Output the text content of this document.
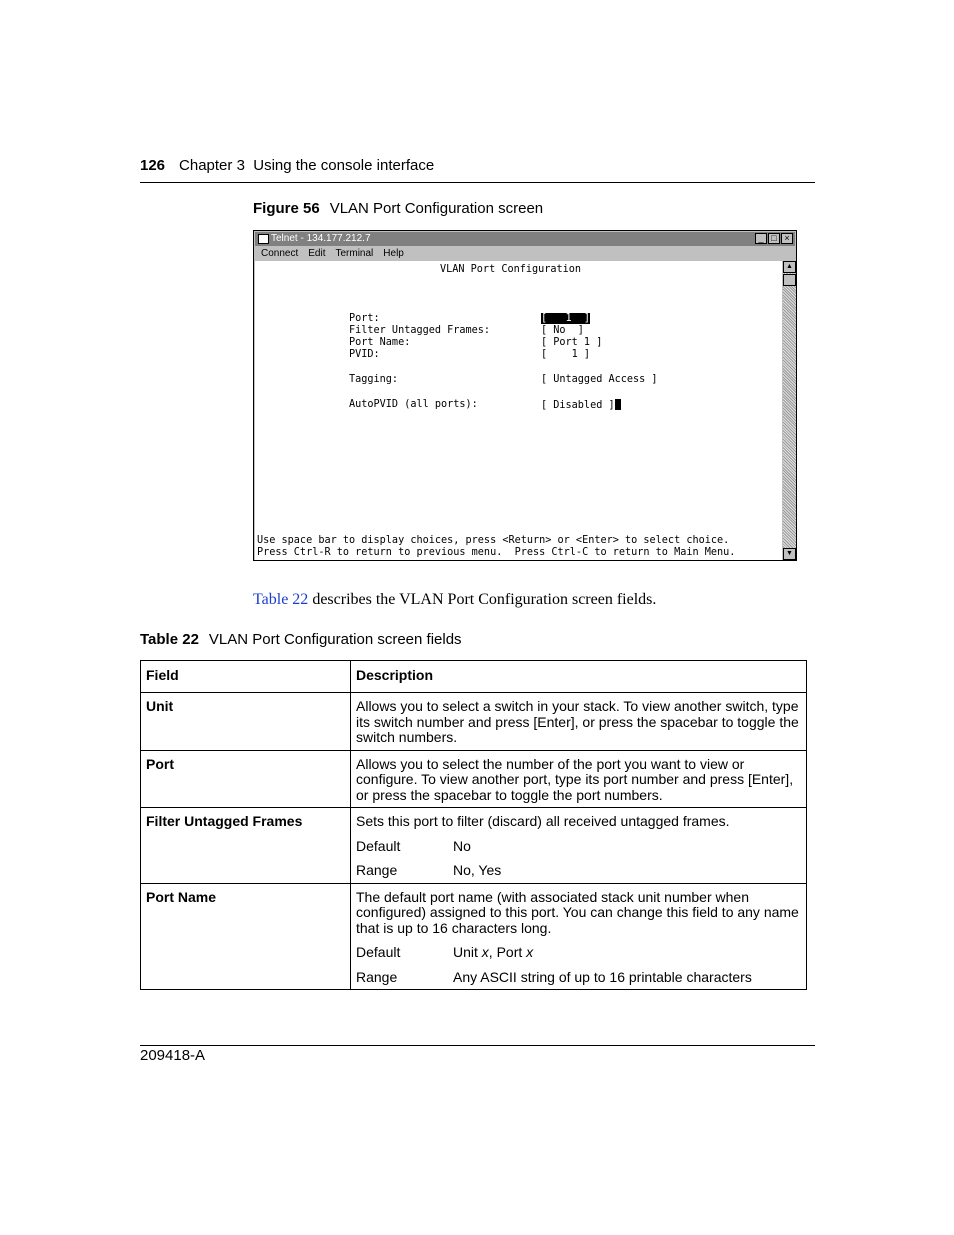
126 Chapter 3  Using the console interface
Figure 56 VLAN Port Configuration screen
Telnet - 134.177.212.7	_ □ ×
Connect Edit Terminal Help
VLAN Port Configuration
Port:	[   1  ]
Filter Untagged Frames:	[ No  ]
Port Name:	[ Port 1 ]
PVID:	[    1 ]
Tagging:	[ Untagged Access ]
AutoPVID (all ports):	[ Disabled ]
Use space bar to display choices, press <Return> or <Enter> to select choice.
Press Ctrl-R to return to previous menu.  Press Ctrl-C to return to Main Menu.
▲
▼
Table 22 describes the VLAN Port Configuration screen fields.
Table 22 VLAN Port Configuration screen fields
Field	Description
Unit	Allows you to select a switch in your stack. To view another switch, type its switch number and press [Enter], or press the spacebar to toggle the switch numbers.
Port	Allows you to select the number of the port you want to view or configure. To view another port, type its port number and press [Enter], or press the spacebar to toggle the port numbers.
Filter Untagged Frames	Sets this port to filter (discard) all received untagged frames.
Default No
Range No, Yes

Port Name	The default port name (with associated stack unit number when configured) assigned to this port. You can change this field to any name that is up to 16 characters long.
Default Unit x, Port x
Range Any ASCII string of up to 16 printable characters
209418-A
